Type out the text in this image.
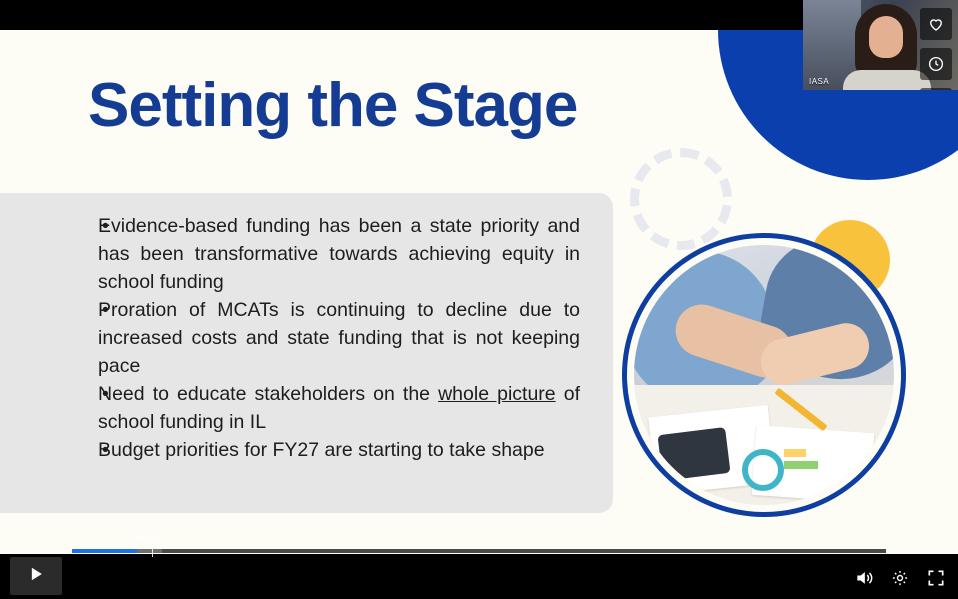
Setting the Stage
• Evidence-based funding has been a state priority and has been transformative towards achieving equity in school funding
• Proration of MCATs is continuing to decline due to increased costs and state funding that is not keeping pace
• Need to educate stakeholders on the whole picture of school funding in IL
• Budget priorities for FY27 are starting to take shape
IASA
04:44
